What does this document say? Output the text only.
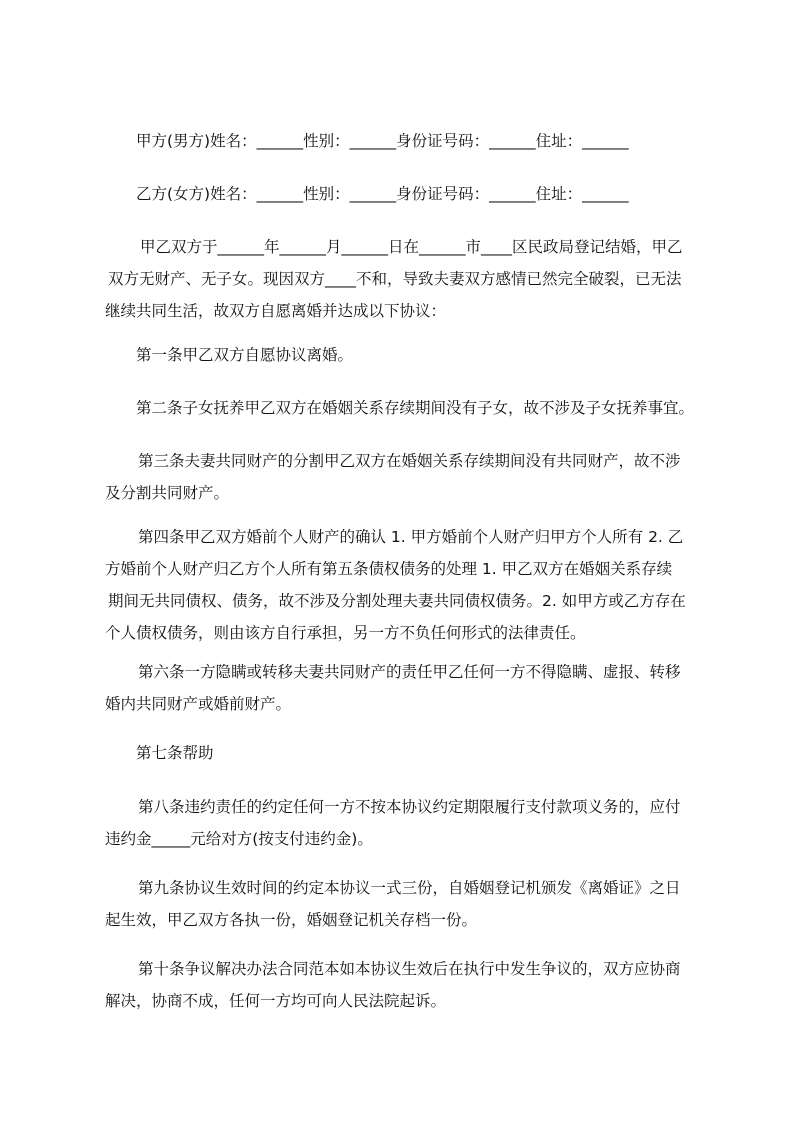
甲方(男方)姓名：______性别：______身份证号码：______住址：______

乙方(女方)姓名：______性别：______身份证号码：______住址：______

甲乙双方于______年______月______日在______市____区民政局登记结婚，甲乙
双方无财产、无子女。现因双方____不和，导致夫妻双方感情已然完全破裂，已无法
继续共同生活，故双方自愿离婚并达成以下协议：

第一条甲乙双方自愿协议离婚。

第二条子女抚养甲乙双方在婚姻关系存续期间没有子女，故不涉及子女抚养事宜。

第三条夫妻共同财产的分割甲乙双方在婚姻关系存续期间没有共同财产，故不涉
及分割共同财产。
第四条甲乙双方婚前个人财产的确认 1. 甲方婚前个人财产归甲方个人所有 2. 乙
方婚前个人财产归乙方个人所有第五条债权债务的处理 1. 甲乙双方在婚姻关系存续
期间无共同债权、债务，故不涉及分割处理夫妻共同债权债务。2. 如甲方或乙方存在
个人债权债务，则由该方自行承担，另一方不负任何形式的法律责任。
第六条一方隐瞒或转移夫妻共同财产的责任甲乙任何一方不得隐瞒、虚报、转移
婚内共同财产或婚前财产。

第七条帮助

第八条违约责任的约定任何一方不按本协议约定期限履行支付款项义务的，应付
违约金_____元给对方(按支付违约金)。
第九条协议生效时间的约定本协议一式三份，自婚姻登记机颁发《离婚证》之日
起生效，甲乙双方各执一份，婚姻登记机关存档一份。
第十条争议解决办法合同范本如本协议生效后在执行中发生争议的，双方应协商
解决，协商不成，任何一方均可向人民法院起诉。
